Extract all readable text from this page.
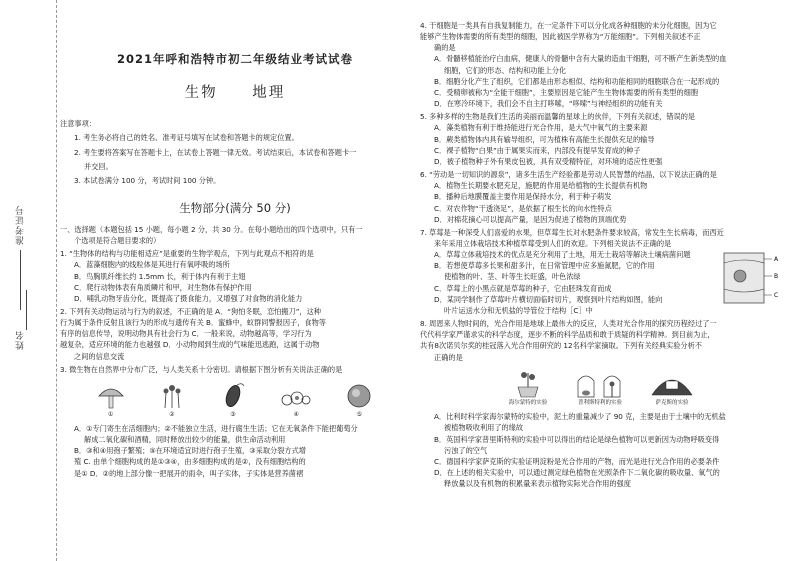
准考证号
姓名
2021年呼和浩特市初二年级结业考试试卷
生物 地理
注意事项：
1. 考生务必将自己的姓名、准考证号填写在试卷和答题卡的规定位置。
2. 考生要将答案写在答题卡上，在试卷上答题一律无效。考试结束后，本试卷和答题卡一
并交回。
3. 本试卷满分 100 分，考试时间 100 分钟。
生物部分(满分 50 分)
一、选择题（本题包括 15 小题，每小题 2 分，共 30 分。在每小题给出的四个选项中，只有一
个选项是符合题目要求的）
1. “生物体的结构与功能相适应”是重要的生物学观点，下列与此观点不相符的是
A．蓝藻细胞内的线粒体是其进行有氧呼吸的场所
B．鸟胸肌纤维长约 1.5mm 长，利于体内有利于主翅
C．爬行动物体表有角质鳞片和甲，对生物体有保护作用
D．哺乳动物牙齿分化，既提高了摄食能力，又增强了对食物的消化能力
2. 下列有关动物运动与行为的叙述，不正确的是 A．“狗怕冬眠，恋怕搬刀”，这种
行为属于条件反射且该行为的形成与遗传有关 B．蜜蜂中，蚁群同警报因子，食物等
有序的信息传导，说明动物具有社会行为 C．一般来说，动物越高等，学习行为
越复杂，适应环境的能力也越强 D．小动物闻到生成的气味能迅逃跑，这属于动物
之间的信息交流
3. 微生物在自然界中分布广泛，与人类关系十分密切。请根据下图分析有关说法正确的是
①	②	③	④	⑤
A．①专门寄生在活细胞内；②不能独立生活，进行腐生生活；它在无氧条件下能把葡萄分
解成二氧化碳和酒精，同时释放出较少的能量，供生命活动利用
B．③和④用孢子繁殖；⑤在环境适宜时进行孢子生殖，③采取分裂方式增
殖 C. 由单个细胞构成的是①③④，由多细胞构成的是②，没有细胞结构的
是① D．②的地上部分像一把展开的雨伞，叫子实体，子实体是营养菌褶
4. 干细胞是一类具有自我复制能力，在一定条件下可以分化成各种细胞的未分化细胞，因为它
能够产生物体需要的所有类型的细胞，因此被医学界称为“万能细胞”。下列相关叙述不正
确的是
A．骨髓移植能治疗白血病，健康人的骨髓中含有大量的造血干细胞，可不断产生新类型的血
细胞，它们的形态、结构和功能上分化
B．细胞分化产生了组织，它们都是由形态相似、结构和功能相同的细胞联合在一起形成的
C．受精卵被称为“全能干细胞”，主要原因是它能产生生物体需要的所有类型的细胞
D．在寒冷环境下，我们会不自主打哆嗦，“哆嗦”与神经组织的功能有关
5. 多种多样的生物是我们生活的美丽而温馨的星球上的伙伴，下列有关叙述，错误的是
A．藻类植物有利于维持能进行光合作用，是大气中氧气的主要来源
B．蕨类植物体内具有输导组织，可为植株有高能生长提供充足的输导
C．裸子植物“白果”由于属果实而来，内部没有提早发育成的种子
D．被子植物种子外有果皮包被，具有双受精特征，对环境的适应性更强
6. “劳动是一切知识的源泉”，诸多生活生产经验都是劳动人民智慧的结晶，以下说法正确的是
A．植物生长期要水肥充足，施肥的作用是给植物的生长提供有机物
B．播种后地膜覆盖主要作用是保持水分，利于种子萌发
C．对农作物“干透浇足”，是依据了根生长的向水性特点
D．对棉花摘心可以提高产量，是因为促进了植物的顶端优势
7. 草莓是一种深受人们喜爱的水果，但草莓生长对水肥条件要求较高，常发生生长病毒，而西近
来年采用立体栽培技术种植草莓受到人们的欢迎。下列相关说法不正确的是
A
B
C
A．草莓立体栽培技术的优点是充分利用了土地，用无土栽培等解决土壤病菌问题
B．若想使草莓多长果和甜多汁，在日常管理中应多施氮肥，它的作用
使植物的叶、茎、叶等生长旺盛，叶色浓绿
C．草莓上的小黑点就是草莓的种子，它由胚珠发育而成
D．某同学制作了草莓叶片横切面临时切片，观察到叶片结构如图，能向
叶片运送水分和无机盐的导管位于结构［C］中
8. 周恩来人物时间的，光合作用是地球上最伟大的反应，人类对光合作用的探究历程经过了一
代代科学家严谨求实的科学态度，逐步不断的科学品质和敢于质疑的科学精神。到目前为止，
共有8次诺贝尔奖的桂冠落入光合作用研究的 12名科学家摘取。下列有关经典实验分析不
正确的是
海尔蒙特的实验	普利斯特利的实验	萨克斯的实验
A．比利时科学家海尔蒙特的实验中，泥土的重量减少了 90 克，主要是由于土壤中的无机盐
被植物吸收利用了的缘故
B．英国科学家普里斯特利的实验中可以得出的结论是绿色植物可以更新因为动物呼吸变得
污浊了的空气
C．德国科学家萨克斯的实验证明淀粉是光合作用的产物，而光是进行光合作用的必要条件
D．在上述的相关实验中，可以通过测定绿色植物在光照条件下二氧化碳的吸收量、氧气的
释放量以及有机物的积累量来表示植物实际光合作用的强度
